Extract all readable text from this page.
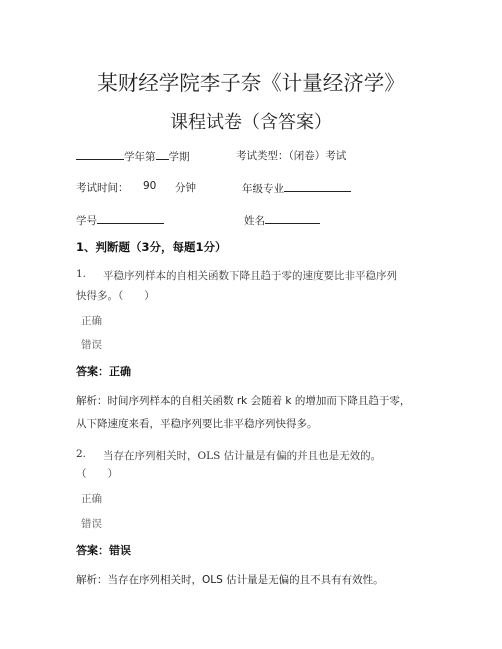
某财经学院李子奈《计量经济学》
课程试卷（含答案）
学年第 学期	考试类型：（闭卷）考试
考试时间： 90 分钟	年级专业
学号	姓名
1、判断题（3分，每题1分）
1. 平稳序列样本的自相关函数下降且趋于零的速度要比非平稳序列
快得多。（　　）
正确
错误
答案：正确
解析：时间序列样本的自相关函数 rk 会随着 k 的增加而下降且趋于零，
从下降速度来看，平稳序列要比非平稳序列快得多。
2. 当存在序列相关时，OLS 估计量是有偏的并且也是无效的。
（　　）
正确
错误
答案：错误
解析：当存在序列相关时，OLS 估计量是无偏的且不具有有效性。
